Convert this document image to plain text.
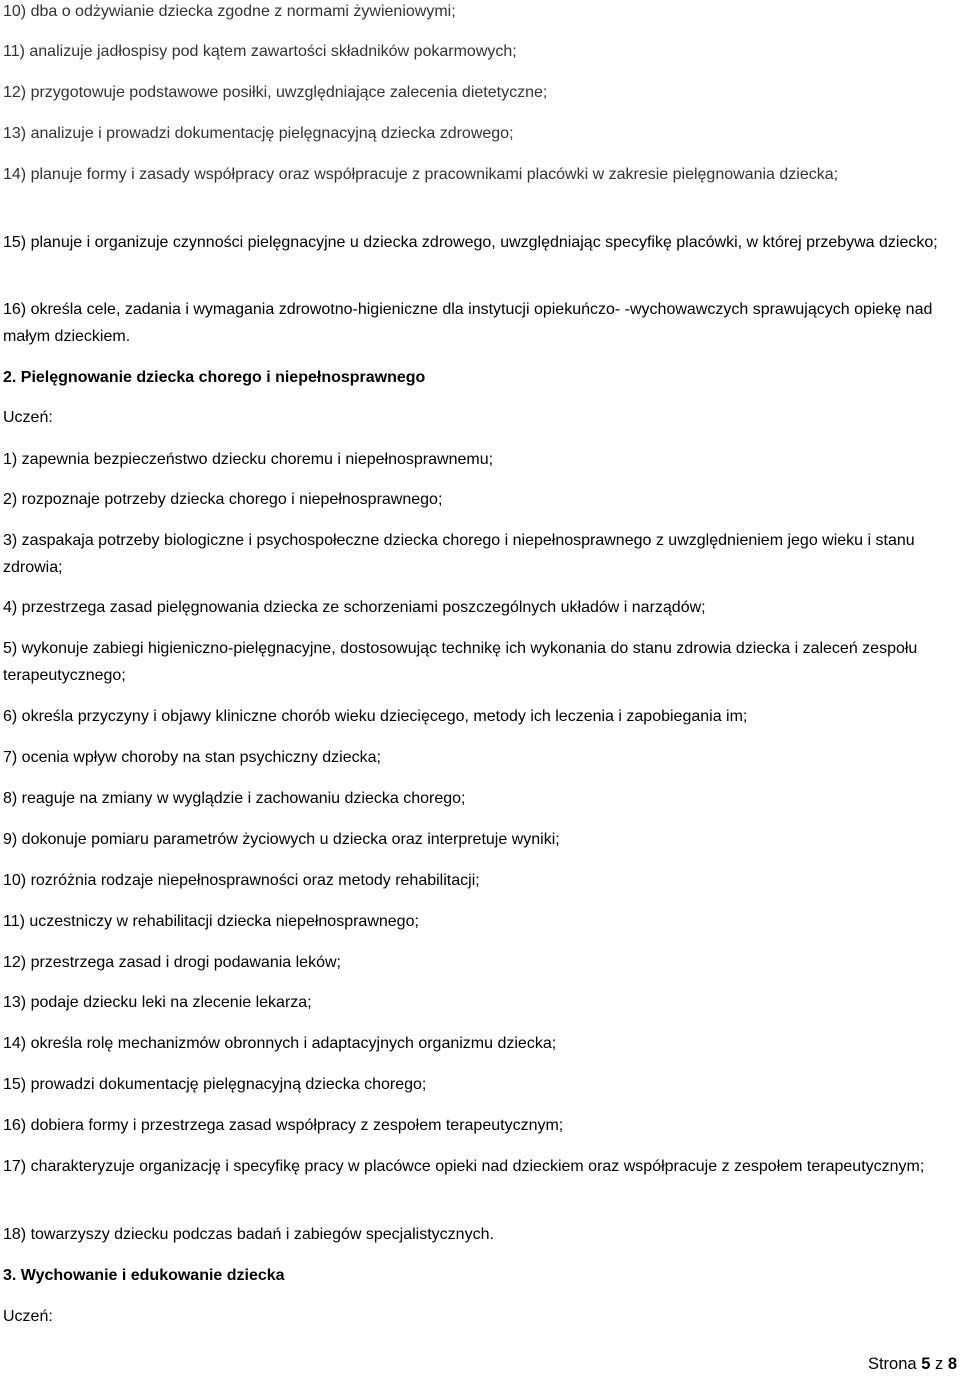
10) dba o odżywianie dziecka zgodne z normami żywieniowymi;

11) analizuje jadłospisy pod kątem zawartości składników pokarmowych;

12) przygotowuje podstawowe posiłki, uwzględniające zalecenia dietetyczne;

13) analizuje i prowadzi dokumentację pielęgnacyjną dziecka zdrowego;

14) planuje formy i zasady współpracy oraz współpracuje z pracownikami placówki w zakresie pielęgnowania dziecka;

15) planuje i organizuje czynności pielęgnacyjne u dziecka zdrowego, uwzględniając specyfikę placówki, w której przebywa dziecko;

16) określa cele, zadania i wymagania zdrowotno-higieniczne dla instytucji opiekuńczo- -wychowawczych sprawujących opiekę nad małym dzieckiem.

2. Pielęgnowanie dziecka chorego i niepełnosprawnego

Uczeń:

1) zapewnia bezpieczeństwo dziecku choremu i niepełnosprawnemu;

2) rozpoznaje potrzeby dziecka chorego i niepełnosprawnego;

3) zaspakaja potrzeby biologiczne i psychospołeczne dziecka chorego i niepełnosprawnego z uwzględnieniem jego wieku i stanu zdrowia;

4) przestrzega zasad pielęgnowania dziecka ze schorzeniami poszczególnych układów i narządów;

5) wykonuje zabiegi higieniczno-pielęgnacyjne, dostosowując technikę ich wykonania do stanu zdrowia dziecka i zaleceń zespołu terapeutycznego;

6) określa przyczyny i objawy kliniczne chorób wieku dziecięcego, metody ich leczenia i zapobiegania im;

7) ocenia wpływ choroby na stan psychiczny dziecka;

8) reaguje na zmiany w wyglądzie i zachowaniu dziecka chorego;

9) dokonuje pomiaru parametrów życiowych u dziecka oraz interpretuje wyniki;

10) rozróżnia rodzaje niepełnosprawności oraz metody rehabilitacji;

11) uczestniczy w rehabilitacji dziecka niepełnosprawnego;

12) przestrzega zasad i drogi podawania leków;

13) podaje dziecku leki na zlecenie lekarza;

14) określa rolę mechanizmów obronnych i adaptacyjnych organizmu dziecka;

15) prowadzi dokumentację pielęgnacyjną dziecka chorego;

16) dobiera formy i przestrzega zasad współpracy z zespołem terapeutycznym;

17) charakteryzuje organizację i specyfikę pracy w placówce opieki nad dzieckiem oraz współpracuje z zespołem terapeutycznym;

18) towarzyszy dziecku podczas badań i zabiegów specjalistycznych.

3. Wychowanie i edukowanie dziecka

Uczeń:

Strona 5 z 8
